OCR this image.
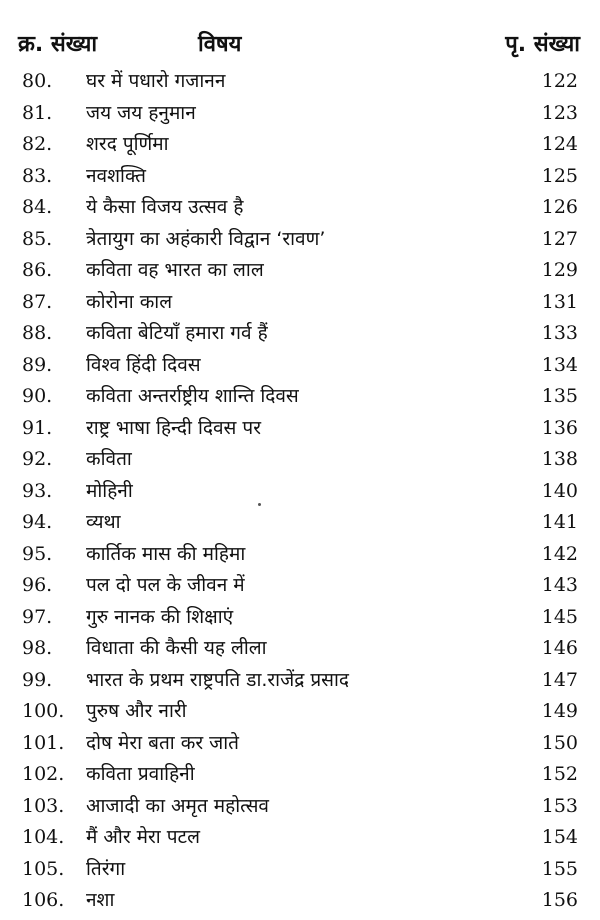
क्र. संख्या	विषय	पृ. संख्या
80. घर में पधारो गजानन	122
81. जय जय हनुमान	123
82. शरद पूर्णिमा	124
83. नवशक्ति	125
84. ये कैसा विजय उत्सव है	126
85. त्रेतायुग का अहंकारी विद्वान ‘रावण’	127
86. कविता वह भारत का लाल	129
87. कोरोना काल	131
88. कविता बेटियाँ हमारा गर्व हैं	133
89. विश्व हिंदी दिवस	134
90. कविता अन्तर्राष्ट्रीय शान्ति दिवस	135
91. राष्ट्र भाषा हिन्दी दिवस पर	136
92. कविता	138
93. मोहिनी	140
94. व्यथा	141
95. कार्तिक मास की महिमा	142
96. पल दो पल के जीवन में	143
97. गुरु नानक की शिक्षाएं	145
98. विधाता की कैसी यह लीला	146
99. भारत के प्रथम राष्ट्रपति डा.राजेंद्र प्रसाद	147
100. पुरुष और नारी	149
101. दोष मेरा बता कर जाते	150
102. कविता प्रवाहिनी	152
103. आजादी का अमृत महोत्सव	153
104. मैं और मेरा पटल	154
105. तिरंगा	155
106. नशा	156
